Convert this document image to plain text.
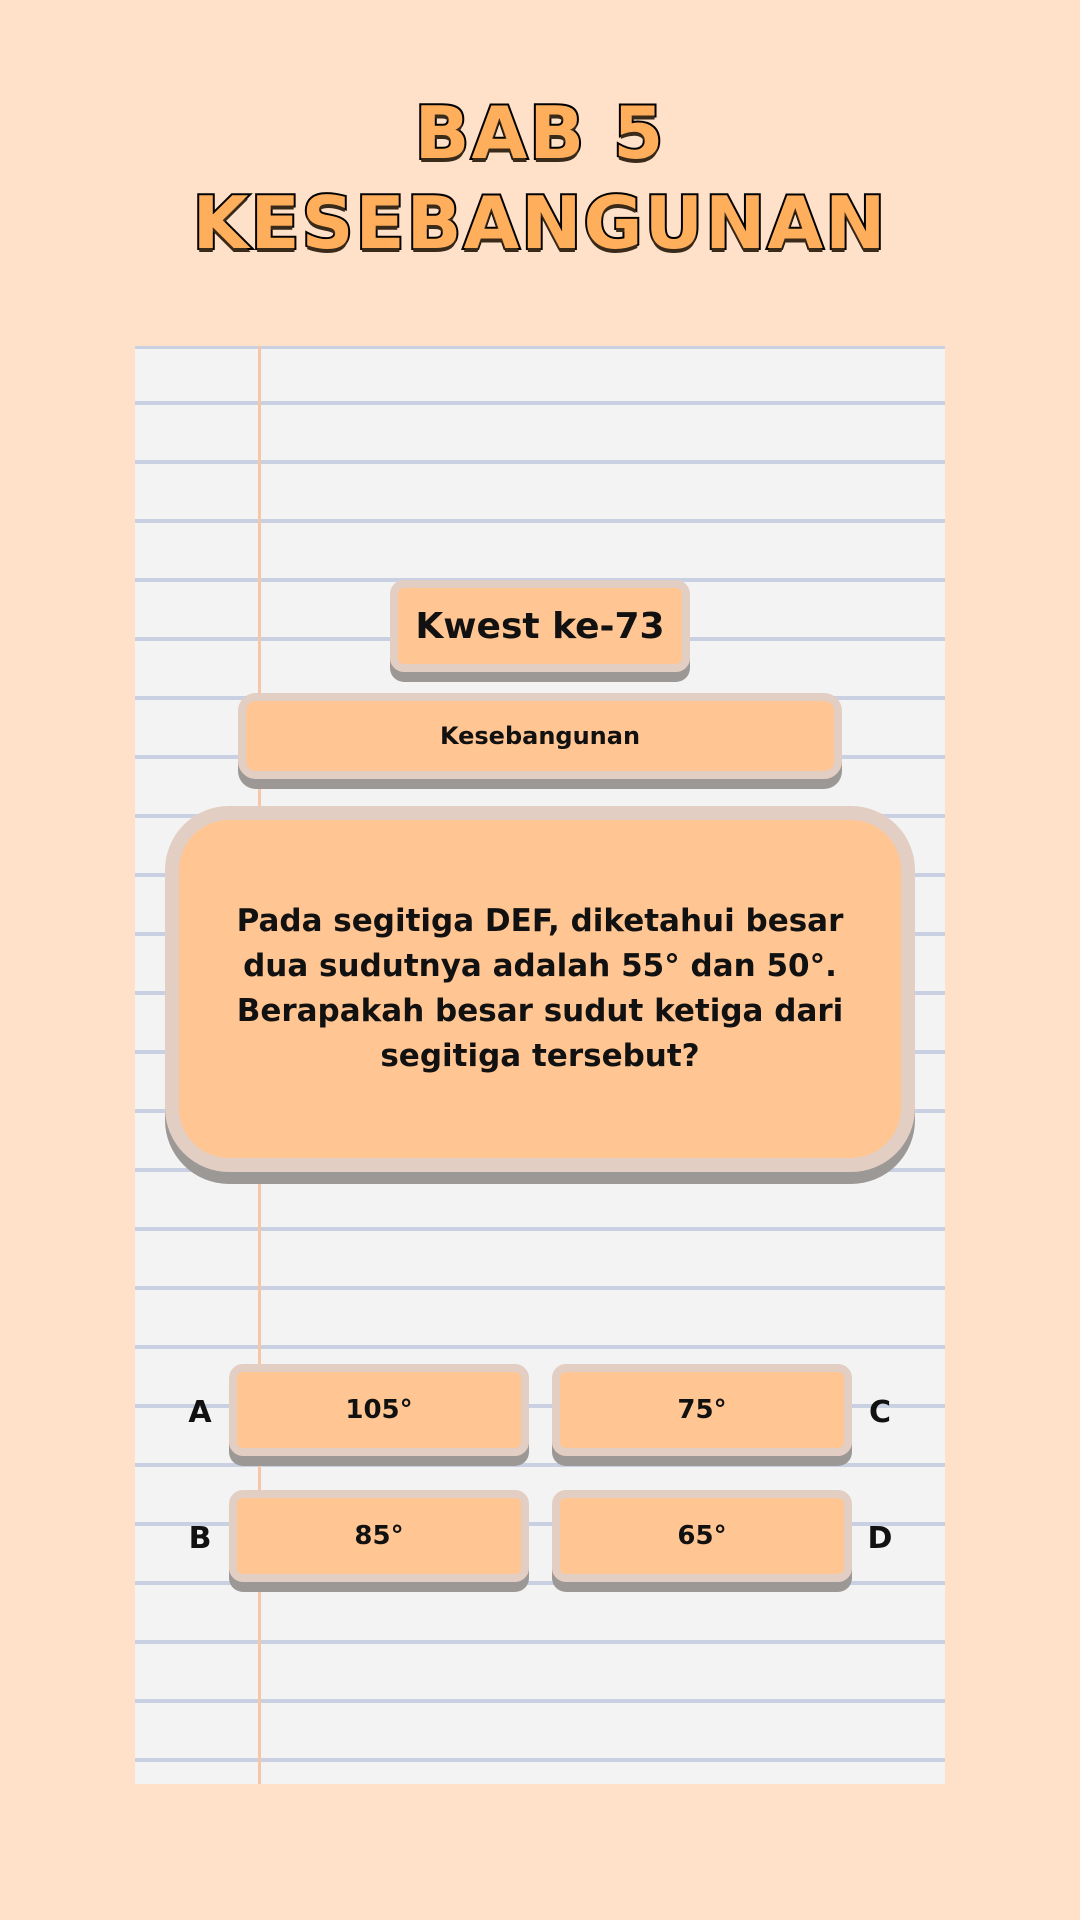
BAB 5
KESEBANGUNAN
Kwest ke-73
Kesebangunan
Pada segitiga DEF, diketahui besar dua sudutnya adalah 55° dan 50°. Berapakah besar sudut ketiga dari segitiga tersebut?
A
B
C
D
105°	75°
85°	65°
